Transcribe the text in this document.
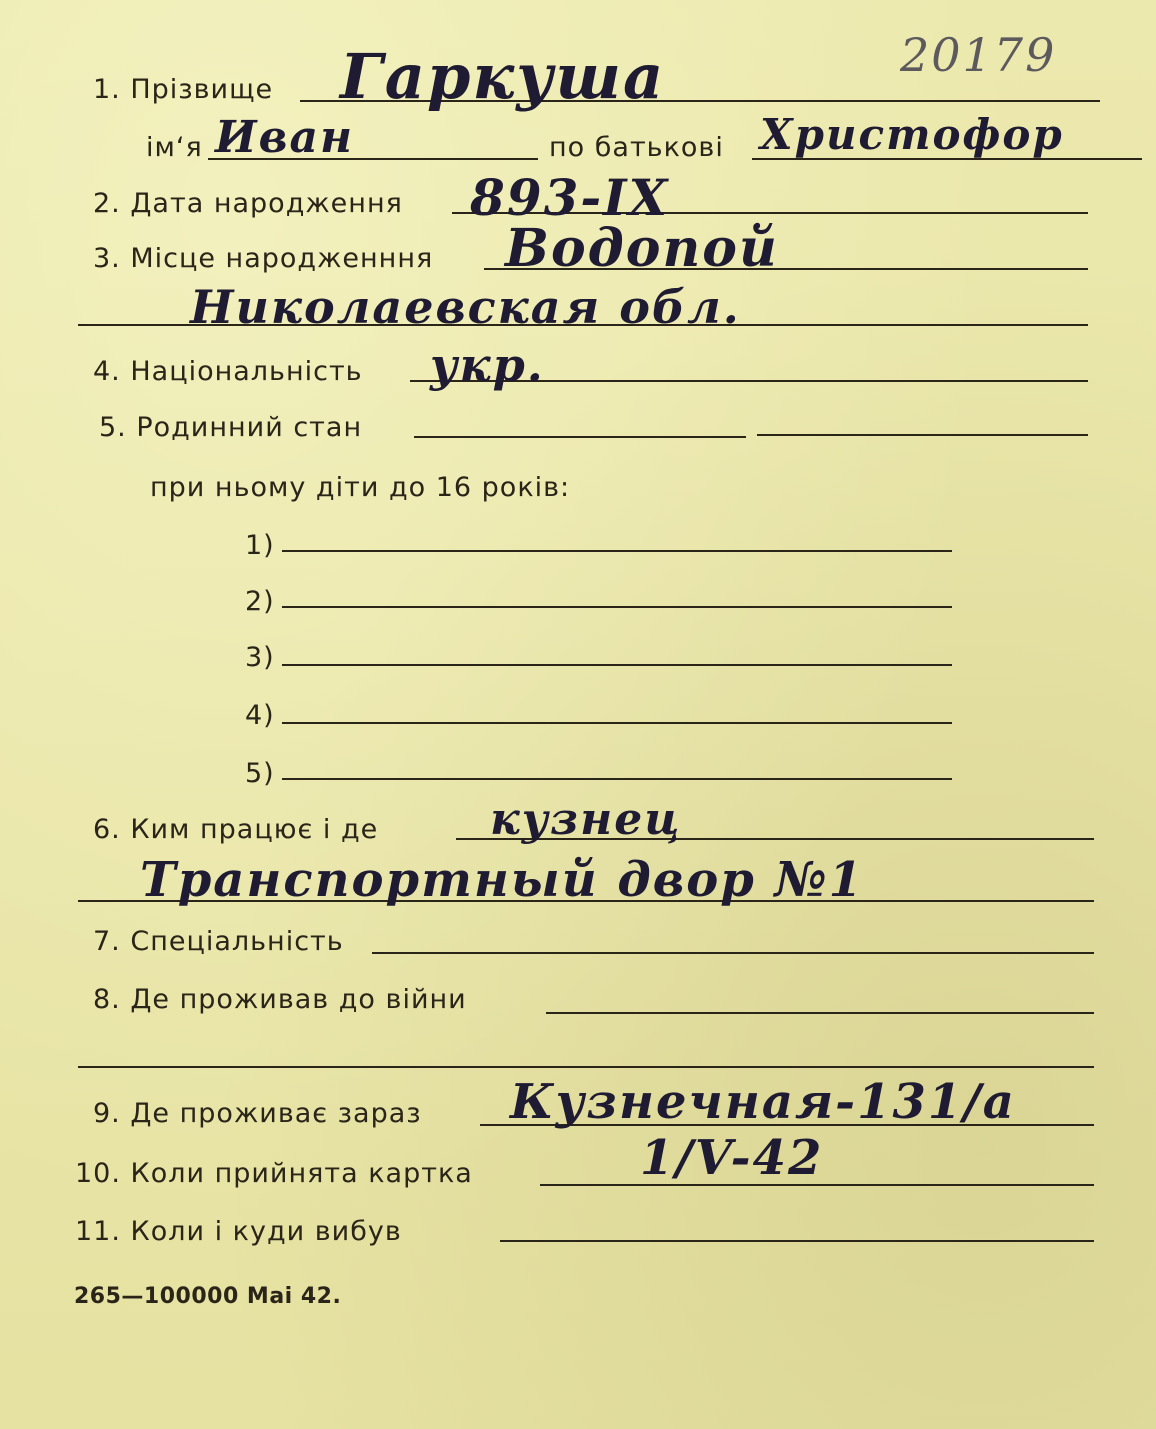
20179
1. Прізвище Гаркуша
ім‘я Иван	по батькові Христофор
2. Дата народження 893-IX
3. Місце народженння Водопой
Николаевская обл.
4. Національність укр.
5. Родинний стан
при ньому діти до 16 років:
1)
2)
3)
4)
5)
6. Ким працює і де	кузнец
Транспортный двор №1
7. Спеціальність
8. Де проживав до війни
9. Де проживає зараз Кузнечная-131/а
10. Коли прийнята картка	1/V-42
11. Коли і куди вибув
265—100000 Mai 42.
